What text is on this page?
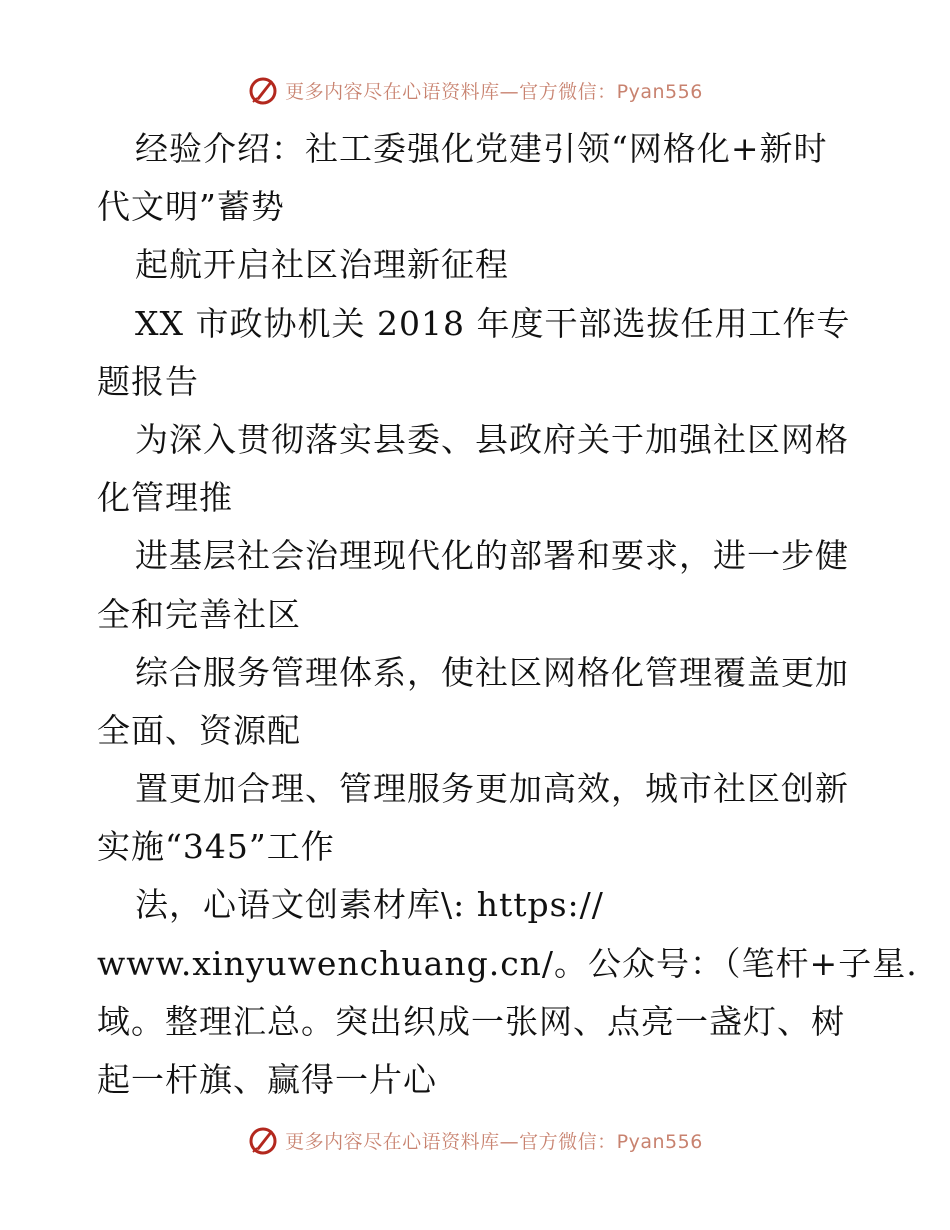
更多内容尽在心语资料库—官方微信：Pyan556
经验介绍：社工委强化党建引领“网格化+新时
代文明”蓄势
起航开启社区治理新征程
XX 市政协机关 2018 年度干部选拔任用工作专
题报告
为深入贯彻落实县委、县政府关于加强社区网格
化管理推
进基层社会治理现代化的部署和要求，进一步健
全和完善社区
综合服务管理体系，使社区网格化管理覆盖更加
全面、资源配
置更加合理、管理服务更加高效，城市社区创新
实施“345”工作
法，心语文创素材库\: https://
www.xinyuwenchuang.cn/。公众号：（笔杆+子星.
域。整理汇总。突出织成一张网、点亮一盏灯、树
起一杆旗、赢得一片心
更多内容尽在心语资料库—官方微信：Pyan556
